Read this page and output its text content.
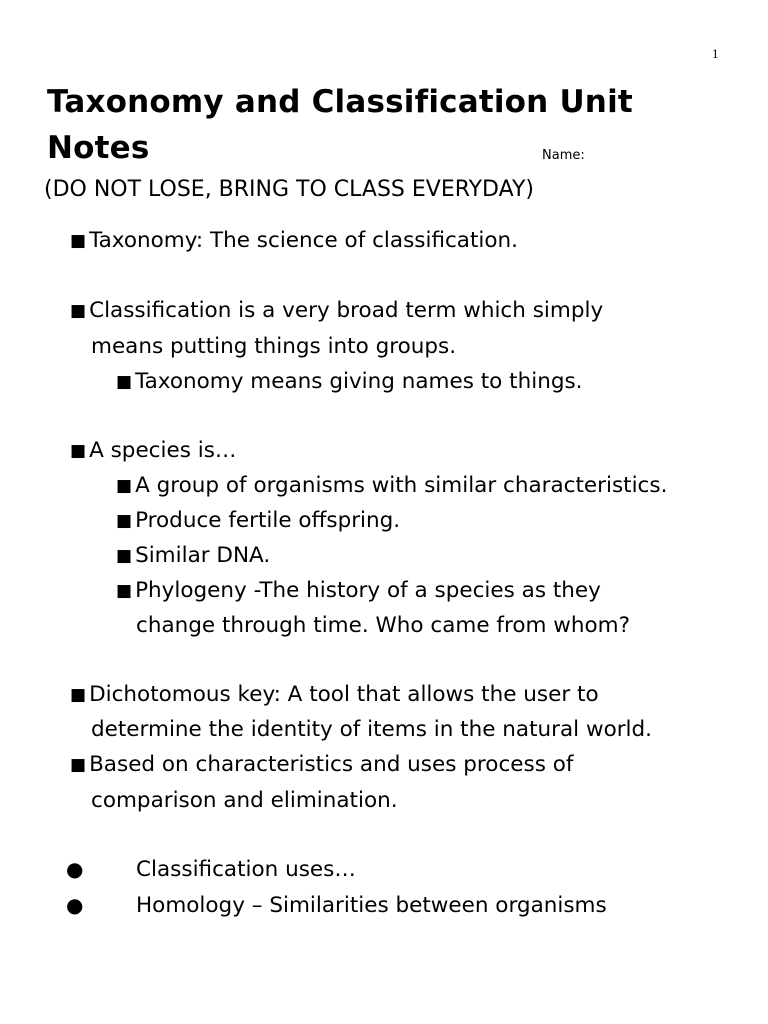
1
Taxonomy and Classification Unit
Notes	Name:
(DO NOT LOSE, BRING TO CLASS EVERYDAY)
■ Taxonomy: The science of classification.
■ Classification is a very broad term which simply
means putting things into groups.
■ Taxonomy means giving names to things.
■ A species is…
■ A group of organisms with similar characteristics.
■ Produce fertile offspring.
■ Similar DNA.
■ Phylogeny -The history of a species as they
change through time. Who came from whom?
■ Dichotomous key: A tool that allows the user to
determine the identity of items in the natural world.
■ Based on characteristics and uses process of
comparison and elimination.
● Classification uses…
● Homology – Similarities between organisms
